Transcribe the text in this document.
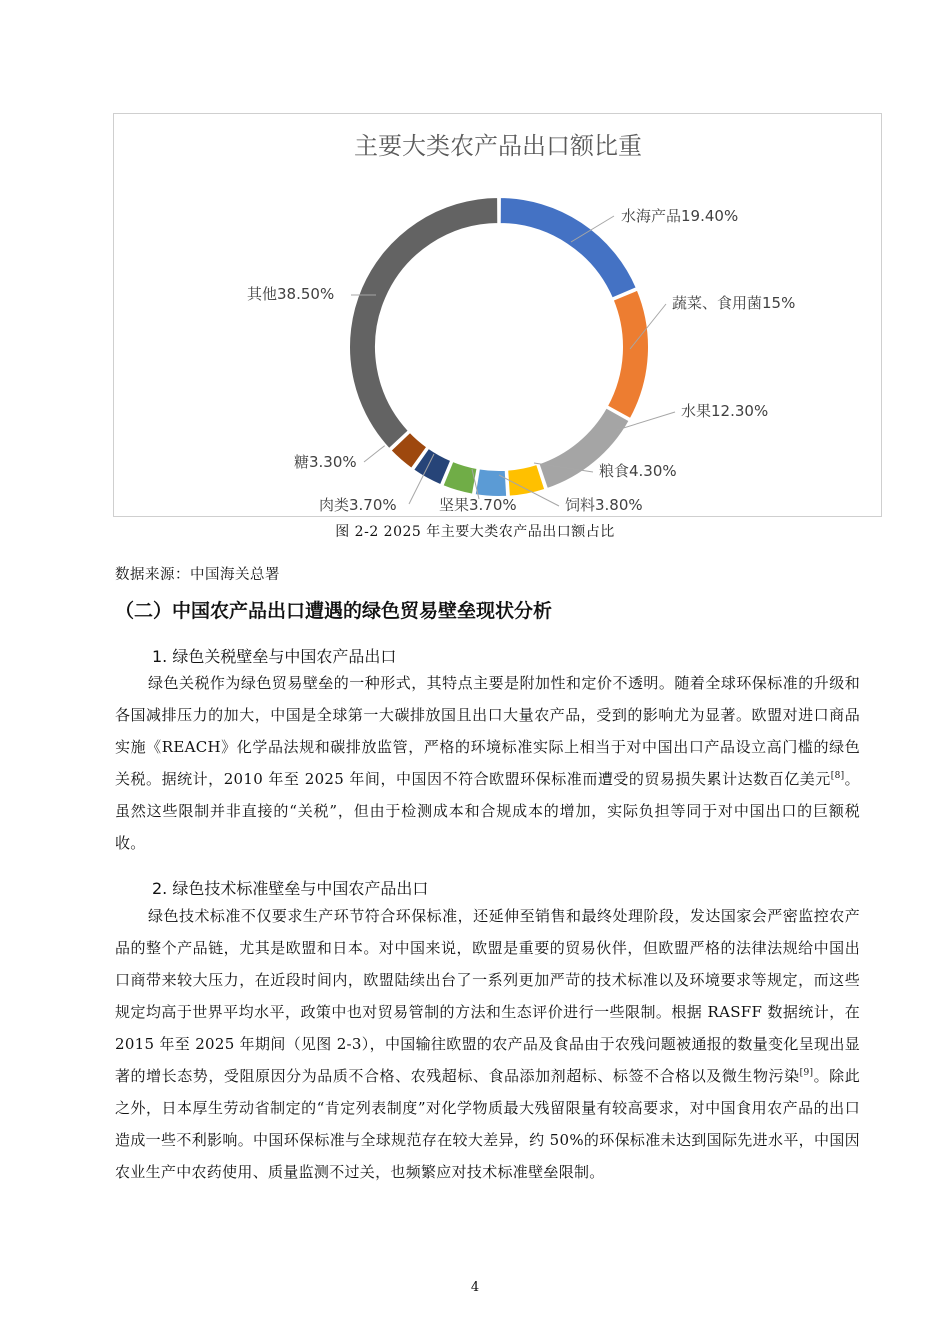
主要大类农产品出口额比重
水海产品19.40%
蔬菜、食用菌15%
水果12.30%
粮食4.30%
饲料3.80%
坚果3.70%
肉类3.70%
糖3.30%
其他38.50%
图 2-2 2025 年主要大类农产品出口额占比
数据来源：中国海关总署
（二）中国农产品出口遭遇的绿色贸易壁垒现状分析
1. 绿色关税壁垒与中国农产品出口

绿色关税作为绿色贸易壁垒的一种形式，其特点主要是附加性和定价不透明。随着全球环保标准的升级和各国减排压力的加大，中国是全球第一大碳排放国且出口大量农产品，受到的影响尤为显著。欧盟对进口商品实施《REACH》化学品法规和碳排放监管，严格的环境标准实际上相当于对中国出口产品设立高门槛的绿色关税。据统计，2010 年至 2025 年间，中国因不符合欧盟环保标准而遭受的贸易损失累计达数百亿美元[8]。虽然这些限制并非直接的“关税”，但由于检测成本和合规成本的增加，实际负担等同于对中国出口的巨额税收。

2. 绿色技术标准壁垒与中国农产品出口

绿色技术标准不仅要求生产环节符合环保标准，还延伸至销售和最终处理阶段，发达国家会严密监控农产品的整个产品链，尤其是欧盟和日本。对中国来说，欧盟是重要的贸易伙伴，但欧盟严格的法律法规给中国出口商带来较大压力，在近段时间内，欧盟陆续出台了一系列更加严苛的技术标准以及环境要求等规定，而这些规定均高于世界平均水平，政策中也对贸易管制的方法和生态评价进行一些限制。根据 RASFF 数据统计，在 2015 年至 2025 年期间（见图 2-3），中国输往欧盟的农产品及食品由于农残问题被通报的数量变化呈现出显著的增长态势，受阻原因分为品质不合格、农残超标、食品添加剂超标、标签不合格以及微生物污染[9]。除此之外，日本厚生劳动省制定的“肯定列表制度”对化学物质最大残留限量有较高要求，对中国食用农产品的出口造成一些不利影响。中国环保标准与全球规范存在较大差异，约 50%的环保标准未达到国际先进水平，中国因农业生产中农药使用、质量监测不过关，也频繁应对技术标准壁垒限制。

4
